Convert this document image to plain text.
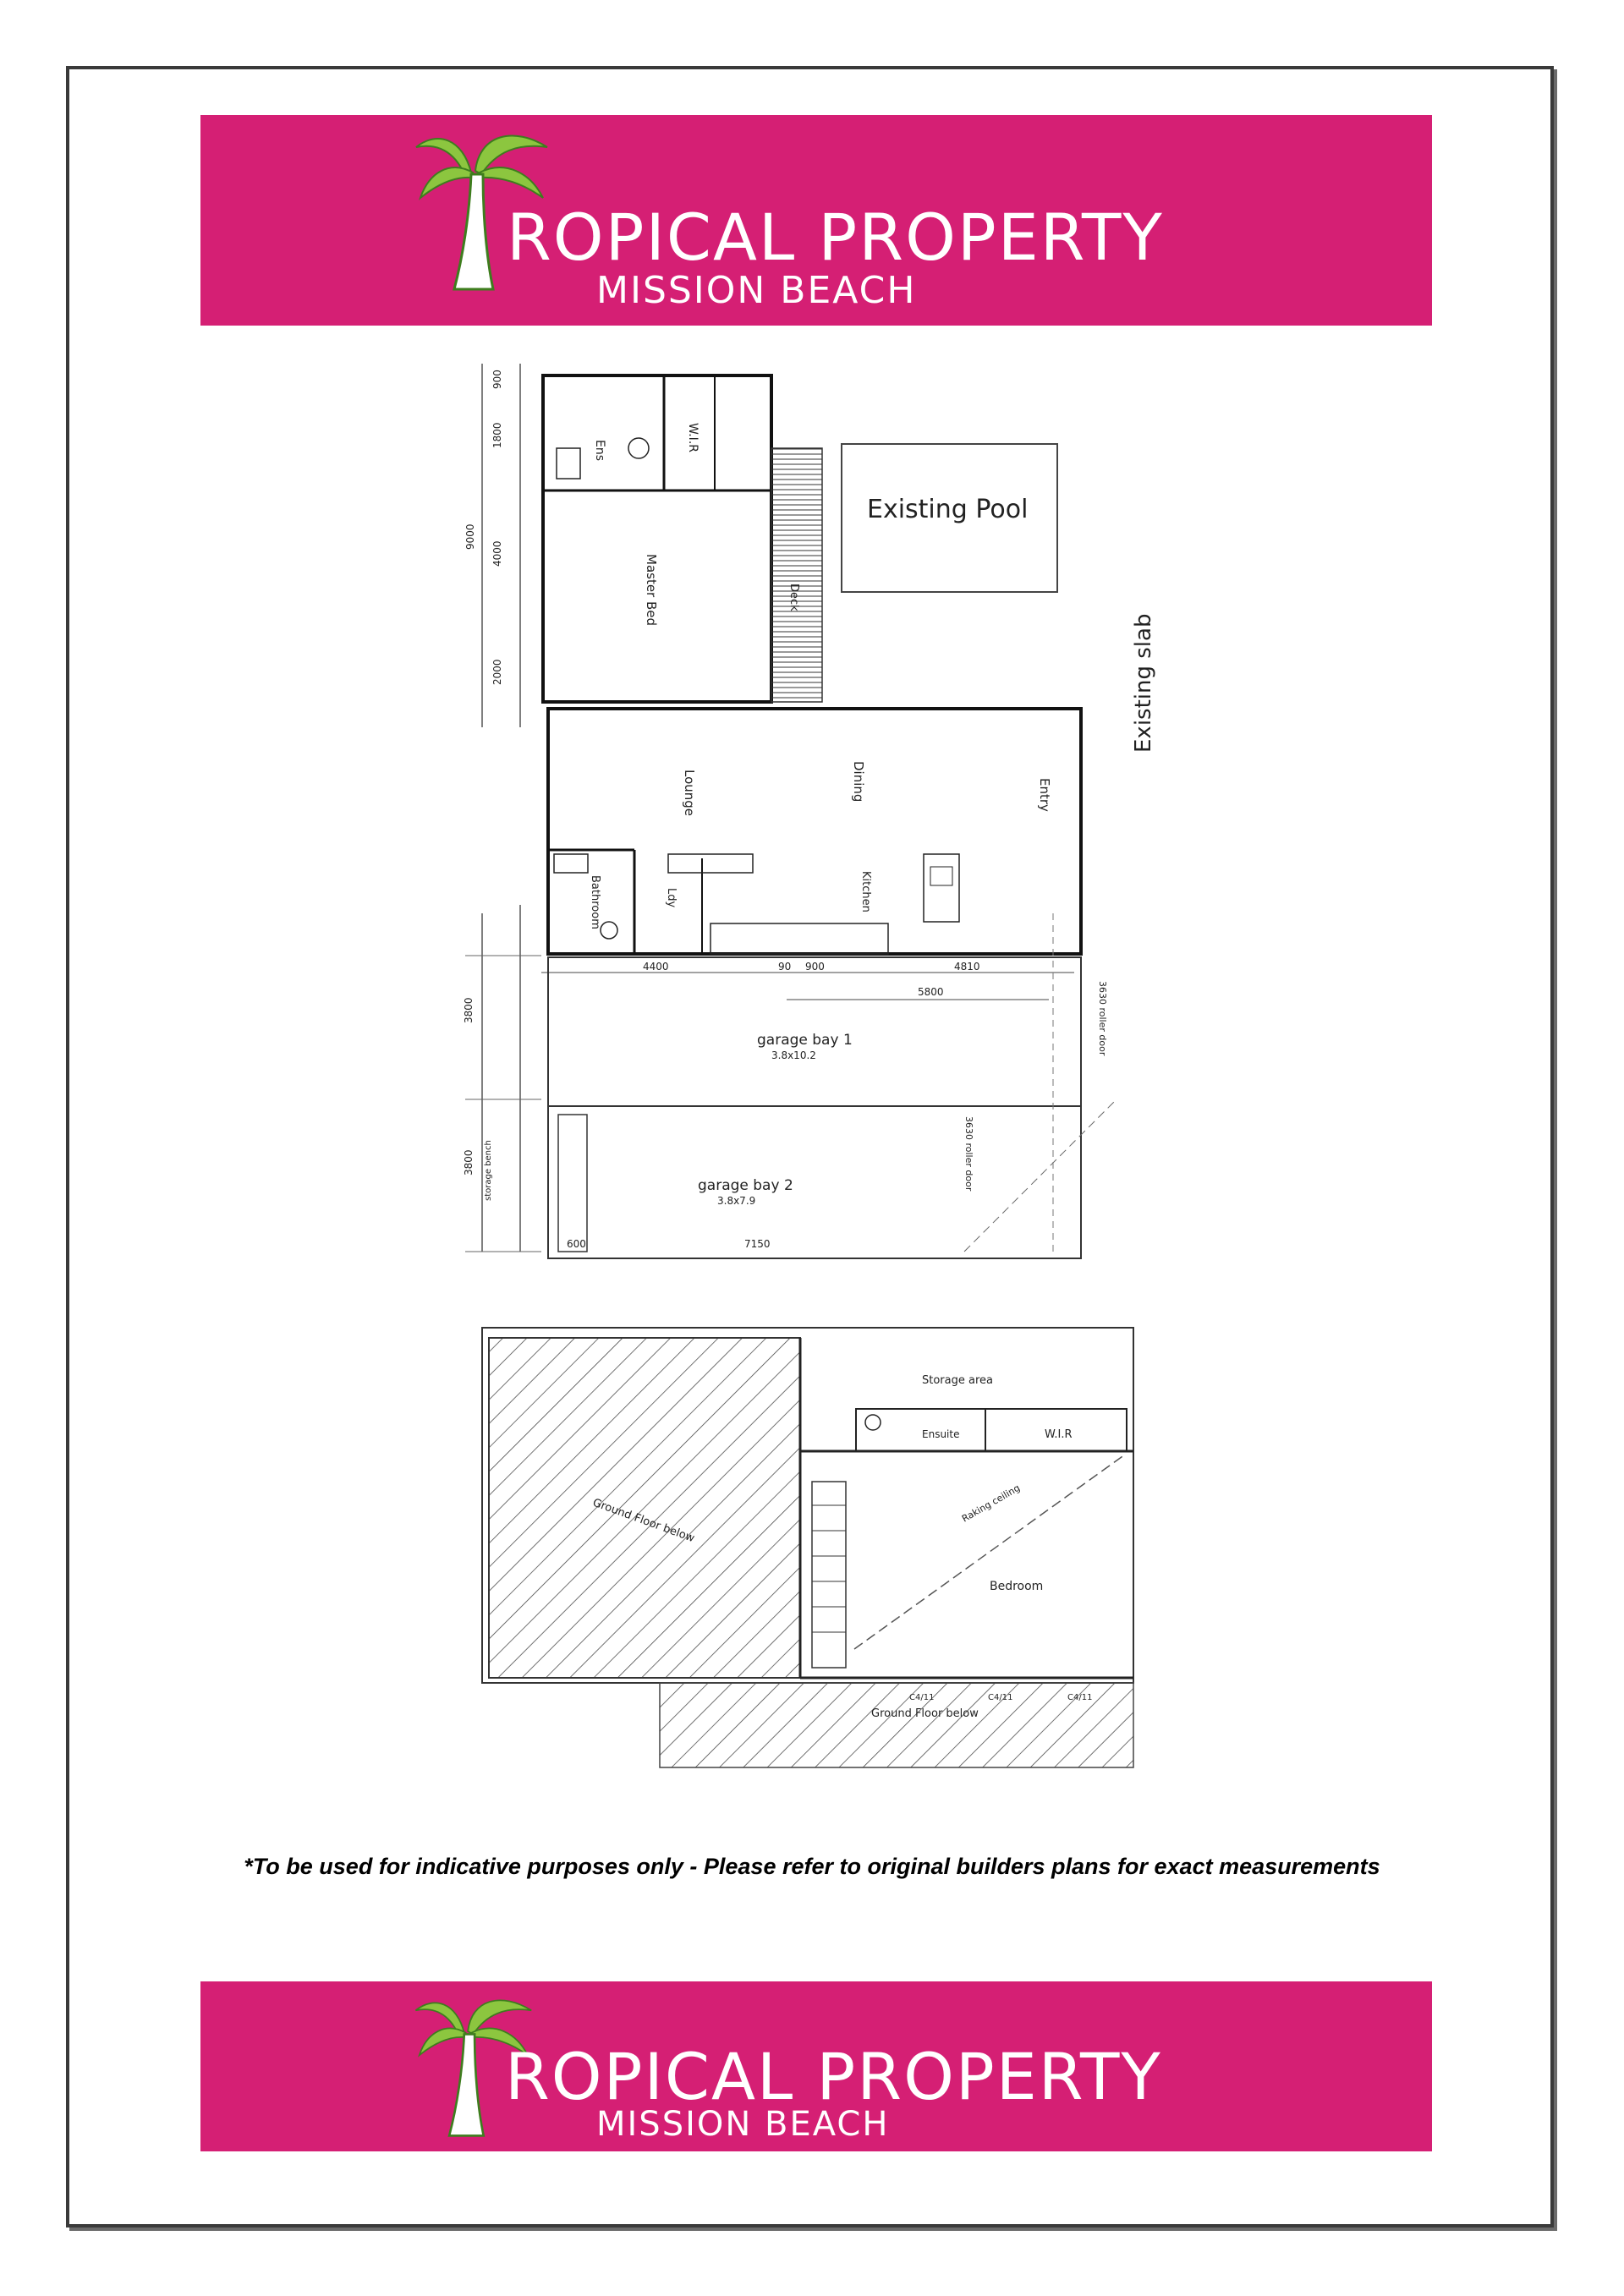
ROPICAL PROPERTY
MISSION BEACH
900
1800
4000
9000
2000
3800
3800
Ens	W.I.R
Master Bed	Deck
Existing Pool
Existing slab
Lounge	Dining	Entry
Bathroom	Ldy	Kitchen
4400	90 900	4810
5800
garage bay 1
3.8x10.2
garage bay 2
3.8x7.9
storage bench
7150
600
3630 roller door
3630 roller door
Ground Floor below
Ground Floor below
Storage area
Ensuite	W.I.R
Raking ceiling
Bedroom
C4/11	C4/11	C4/11
*To be used for indicative purposes only - Please refer to original builders plans for exact measurements
ROPICAL PROPERTY
MISSION BEACH
